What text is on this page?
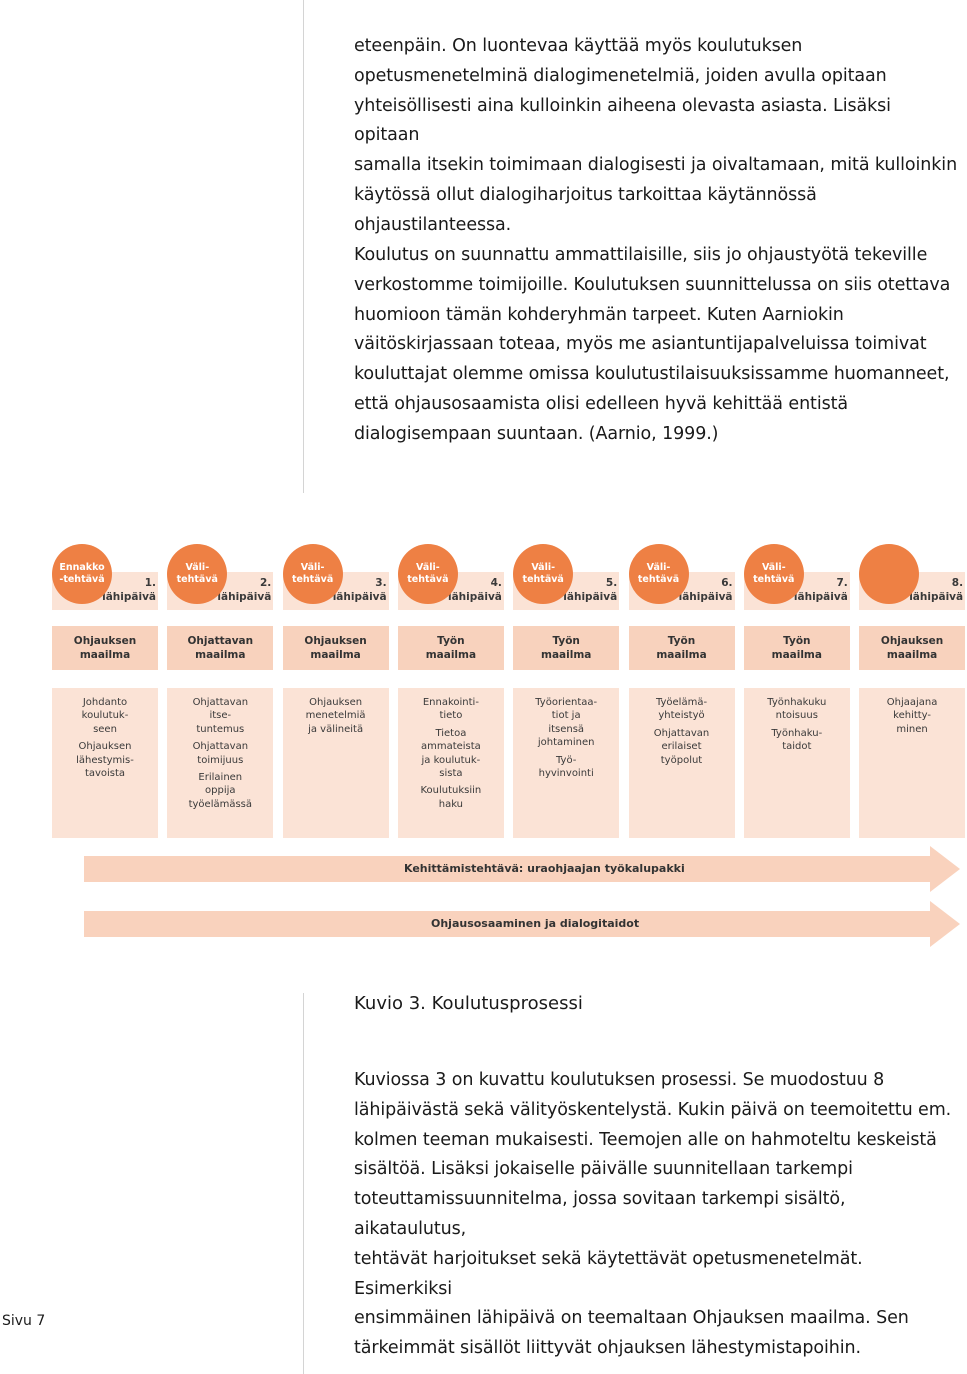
eteenpäin. On luontevaa käyttää myös koulutuksen
opetusmenetelminä dialogimenetelmiä, joiden avulla opitaan
yhteisöllisesti aina kulloinkin aiheena olevasta asiasta. Lisäksi opitaan
samalla itsekin toimimaan dialogisesti ja oivaltamaan, mitä kulloinkin
käytössä ollut dialogiharjoitus tarkoittaa käytännössä
ohjaustilanteessa.
Koulutus on suunnattu ammattilaisille, siis jo ohjaustyötä tekeville
verkostomme toimijoille. Koulutuksen suunnittelussa on siis otettava
huomioon tämän kohderyhmän tarpeet. Kuten Aarniokin
väitöskirjassaan toteaa, myös me asiantuntijapalveluissa toimivat
kouluttajat olemme omissa koulutustilaisuuksissamme huomanneet,
että ohjausosaamista olisi edelleen hyvä kehittää entistä
dialogisempaan suuntaan. (Aarnio, 1999.)
8.
lähipäivä
Ohjauksen
maailma

Ohjaajana
kehitty-
minen

7.
lähipäivä
Väli-
tehtävä
Työn
maailma

Työnhakuku
ntoisuus

Työnhaku-
taidot

6.
lähipäivä
Väli-
tehtävä
Työn
maailma

Työelämä-
yhteistyö

Ohjattavan
erilaiset
työpolut

5.
lähipäivä
Väli-
tehtävä
Työn
maailma

Työorientaa-
tiot ja
itsensä
johtaminen

Työ-
hyvinvointi

4.
lähipäivä
Väli-
tehtävä
Työn
maailma

Ennakointi-
tieto

Tietoa
ammateista
ja koulutuk-
sista

Koulutuksiin
haku

3.
lähipäivä
Väli-
tehtävä
Ohjauksen
maailma

Ohjauksen
menetelmiä
ja välineitä

2.
lähipäivä
Väli-
tehtävä
Ohjattavan
maailma

Ohjattavan
itse-
tuntemus

Ohjattavan
toimijuus

Erilainen
oppija
työelämässä

1.
lähipäivä
Ennakko
-tehtävä
Ohjauksen
maailma

Johdanto
koulutuk-
seen

Ohjauksen
lähestymis-
tavoista

Kehittämistehtävä: uraohjaajan työkalupakki
Ohjausosaaminen ja dialogitaidot

Kuvio 3. Koulutusprosessi

Kuviossa 3 on kuvattu koulutuksen prosessi. Se muodostuu 8
lähipäivästä sekä välityöskentelystä. Kukin päivä on teemoitettu em.
kolmen teeman mukaisesti. Teemojen alle on hahmoteltu keskeistä
sisältöä. Lisäksi jokaiselle päivälle suunnitellaan tarkempi
toteuttamissuunnitelma, jossa sovitaan tarkempi sisältö, aikataulutus,
tehtävät harjoitukset sekä käytettävät opetusmenetelmät. Esimerkiksi
ensimmäinen lähipäivä on teemaltaan Ohjauksen maailma. Sen
tärkeimmät sisällöt liittyvät ohjauksen lähestymistapoihin.
Sivu 7
